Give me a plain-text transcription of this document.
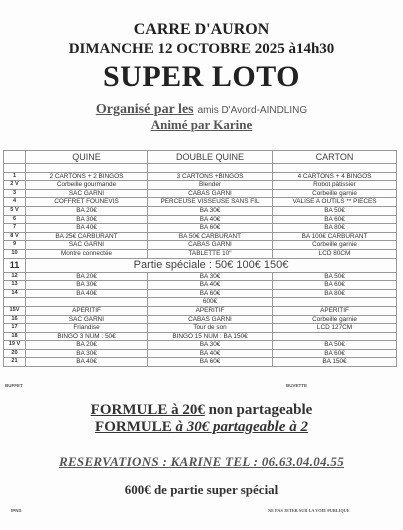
CARRE D'AURON
DIMANCHE 12 OCTOBRE 2025 à14h30
SUPER LOTO
Organisé par les amis D'Avord-AINDLING
Animé par Karine
	QUINE	DOUBLE QUINE	CARTON

1	2 CARTONS + 2 BINGOS	3 CARTONS +BINGOS	4 CARTONS + 4 BINGOS
2 V	Corbeille gourmande	Blender	Robot pâtissier
3	SAC GARNI	CABAS GARNI	Corbeille garnie
4	COFFRET FOUNEVIS	PERCEUSE VISSEUSE SANS FIL	VALISE A OUTILS ** PIECES
5 V	BA 20€	BA 30€	BA 50€
6	BA 30€	BA 40€	BA 60€
7	BA 40€	BA 60€	BA 80€
8 V	BA 25€ CARBURANT	BA 50€ CARBURANT	BA 100€ CARBURANT
9	SAC GARNI	CABAS GARNI	Corbeille garnie
10	Montre connectée	TABLETTE 10"	LCD 80CM
11	Partie spéciale : 50€ 100€ 150€		
12	BA 20€	BA 30€	BA 50€
13	BA 30€	BA 40€	BA 60€
14	BA 40€	BA 60€	BA 80€
		600€	
15V	APERITIF	APERITIF	APERITIF
16	SAC GARNI	CABAS GARNI	Corbeille garnie
17	Friandise	Tour de son	LCD 127CM
18	BINGO 3 NUM : 50€	BINGO 15 NUM : BA 150€	
19 V	BA 20€	BA 30€	BA 50€
20	BA 30€	BA 40€	BA 60€
21	BA 40€	BA 60€	BA 150€
BUFFET	BUVETTE
FORMULE à 20€ non partageable
FORMULE à 30€ partageable à 2
RESERVATIONS : KARINE TEL : 06.63.04.04.55
600€ de partie super spécial
IPNS	NE PAS JETER SUR LA VOIE PUBLIQUE
